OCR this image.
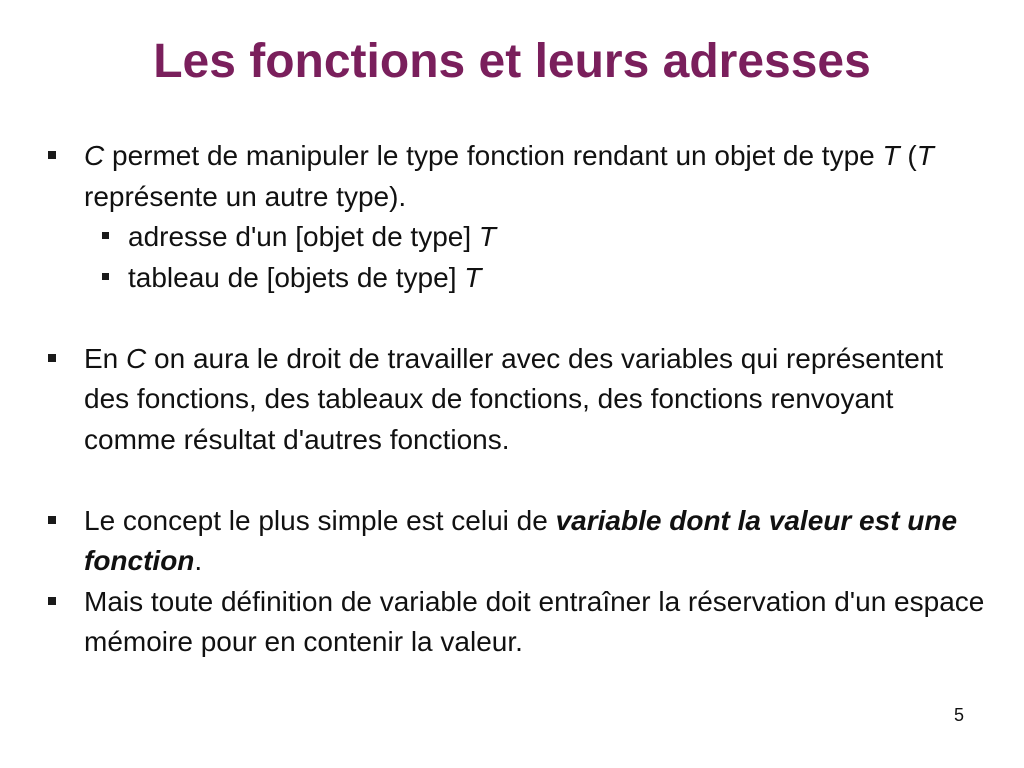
Les fonctions et leurs adresses
C permet de manipuler le type fonction rendant un objet de type T (T représente un autre type).
adresse d'un [objet de type] T
tableau de [objets de type] T
En C on aura le droit de travailler avec des variables qui représentent des fonctions, des tableaux de fonctions, des fonctions renvoyant comme résultat d'autres fonctions.
Le concept le plus simple est celui de variable dont la valeur est une fonction.
Mais toute définition de variable doit entraîner la réservation d'un espace mémoire pour en contenir la valeur.
5
